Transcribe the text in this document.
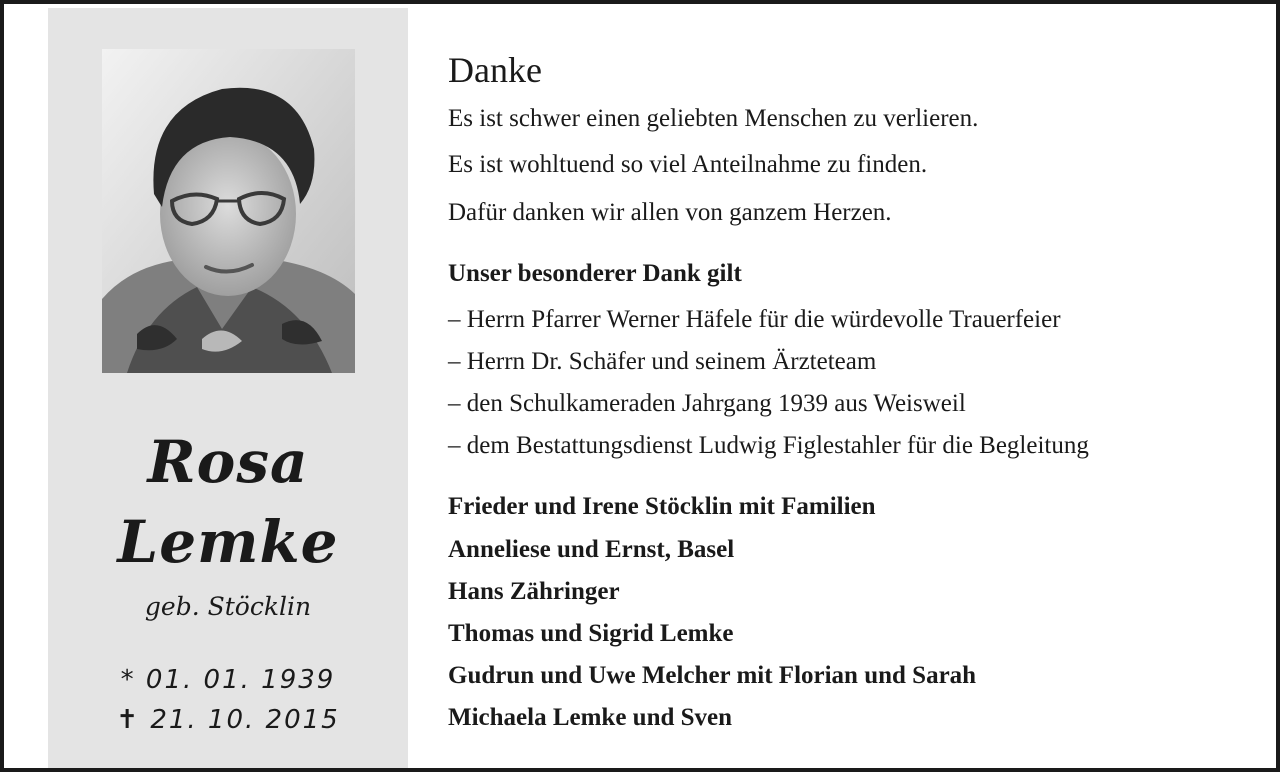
Rosa
Lemke
geb. Stöcklin
* 01. 01. 1939
✝ 21. 10. 2015
Danke
Es ist schwer einen geliebten Menschen zu verlieren.
Es ist wohltuend so viel Anteilnahme zu finden.
Dafür danken wir allen von ganzem Herzen.
Unser besonderer Dank gilt
– Herrn Pfarrer Werner Häfele für die würdevolle Trauerfeier
– Herrn Dr. Schäfer und seinem Ärzteteam
– den Schulkameraden Jahrgang 1939 aus Weisweil
– dem Bestattungsdienst Ludwig Figlestahler für die Begleitung
Frieder und Irene Stöcklin mit Familien
Anneliese und Ernst, Basel
Hans Zähringer
Thomas und Sigrid Lemke
Gudrun und Uwe Melcher mit Florian und Sarah
Michaela Lemke und Sven
